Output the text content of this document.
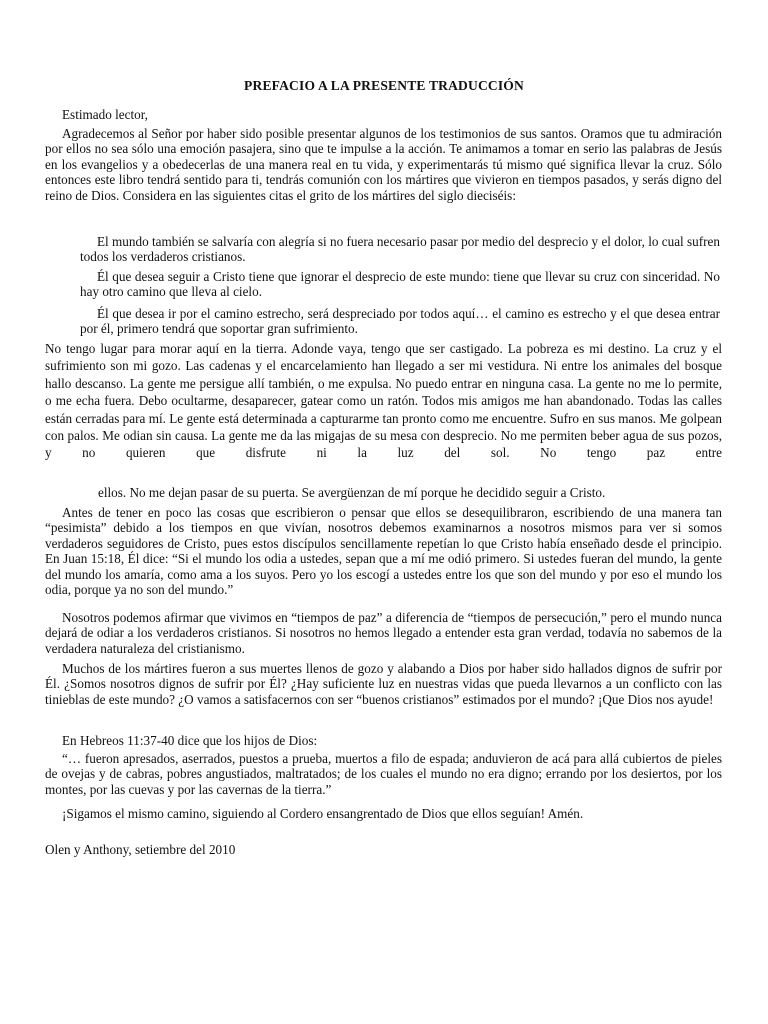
PREFACIO A LA PRESENTE TRADUCCIÓN
Estimado lector,
Agradecemos al Señor por haber sido posible presentar algunos de los testimonios de sus santos. Oramos que tu admiración por ellos no sea sólo una emoción pasajera, sino que te impulse a la acción. Te animamos a tomar en serio las palabras de Jesús en los evangelios y a obedecerlas de una manera real en tu vida, y experimentarás tú mismo qué significa llevar la cruz. Sólo entonces este libro tendrá sentido para ti, tendrás comunión con los mártires que vivieron en tiempos pasados, y serás digno del reino de Dios. Considera en las siguientes citas el grito de los mártires del siglo dieciséis:
El mundo también se salvaría con alegría si no fuera necesario pasar por medio del desprecio y el dolor, lo cual sufren todos los verdaderos cristianos.
Él que desea seguir a Cristo tiene que ignorar el desprecio de este mundo: tiene que llevar su cruz con sinceridad. No hay otro camino que lleva al cielo.
Él que desea ir por el camino estrecho, será despreciado por todos aquí… el camino es estrecho y el que desea entrar por él, primero tendrá que soportar gran sufrimiento.
No tengo lugar para morar aquí en la tierra. Adonde vaya, tengo que ser castigado. La pobreza es mi destino. La cruz y el sufrimiento son mi gozo. Las cadenas y el encarcelamiento han llegado a ser mi vestidura. Ni entre los animales del bosque hallo descanso. La gente me persigue allí también, o me expulsa. No puedo entrar en ninguna casa. La gente no me lo permite, o me echa fuera. Debo ocultarme, desaparecer, gatear como un ratón. Todos mis amigos me han abandonado. Todas las calles están cerradas para mí. Le gente está determinada a capturarme tan pronto como me encuentre. Sufro en sus manos. Me golpean con palos. Me odian sin causa. La gente me da las migajas de su mesa con desprecio. No me permiten beber agua de sus pozos, y no quieren que disfrute ni la luz del sol. No tengo paz entre
ellos. No me dejan pasar de su puerta. Se avergüenzan de mí porque he decidido seguir a Cristo.
Antes de tener en poco las cosas que escribieron o pensar que ellos se desequilibraron, escribiendo de una manera tan “pesimista” debido a los tiempos en que vivían, nosotros debemos examinarnos a nosotros mismos para ver si somos verdaderos seguidores de Cristo, pues estos discípulos sencillamente repetían lo que Cristo había enseñado desde el principio. En Juan 15:18, Él dice: “Si el mundo los odia a ustedes, sepan que a mí me odió primero. Si ustedes fueran del mundo, la gente del mundo los amaría, como ama a los suyos. Pero yo los escogí a ustedes entre los que son del mundo y por eso el mundo los odia, porque ya no son del mundo.”
Nosotros podemos afirmar que vivimos en “tiempos de paz” a diferencia de “tiempos de persecución,” pero el mundo nunca dejará de odiar a los verdaderos cristianos. Si nosotros no hemos llegado a entender esta gran verdad, todavía no sabemos de la verdadera naturaleza del cristianismo.
Muchos de los mártires fueron a sus muertes llenos de gozo y alabando a Dios por haber sido hallados dignos de sufrir por Él. ¿Somos nosotros dignos de sufrir por Él? ¿Hay suficiente luz en nuestras vidas que pueda llevarnos a un conflicto con las tinieblas de este mundo? ¿O vamos a satisfacernos con ser “buenos cristianos” estimados por el mundo? ¡Que Dios nos ayude!
En Hebreos 11:37-40 dice que los hijos de Dios:
“… fueron apresados, aserrados, puestos a prueba, muertos a filo de espada; anduvieron de acá para allá cubiertos de pieles de ovejas y de cabras, pobres angustiados, maltratados; de los cuales el mundo no era digno; errando por los desiertos, por los montes, por las cuevas y por las cavernas de la tierra.”
¡Sigamos el mismo camino, siguiendo al Cordero ensangrentado de Dios que ellos seguían! Amén.
Olen y Anthony, setiembre del 2010
